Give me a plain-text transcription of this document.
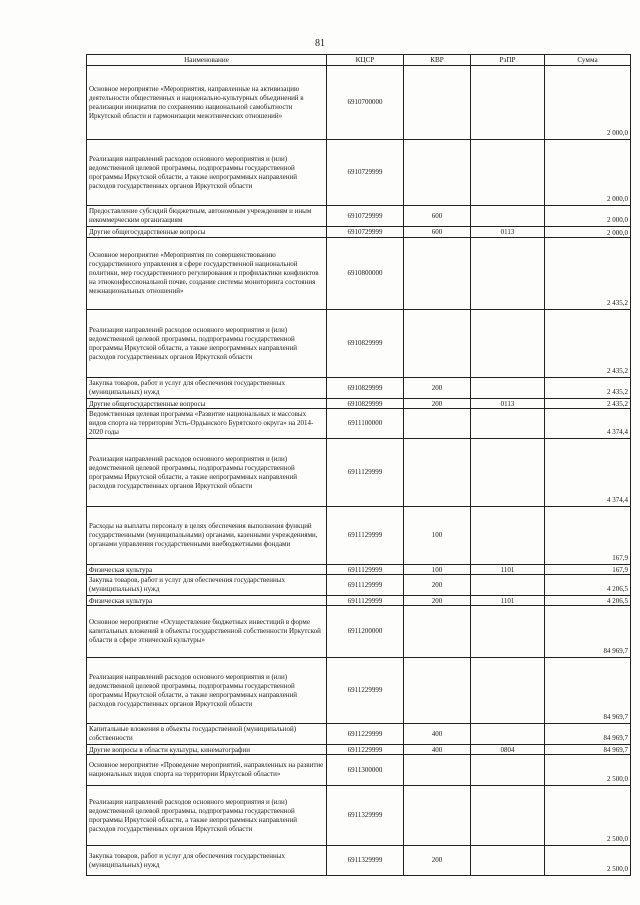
81
Наименование	КЦСР	КВР	РзПР	Сумма
Основное мероприятие «Мероприятия, направленные на активизацию деятельности общественных и национально-культурных объединений в реализации инициатив по сохранению национальной самобытности Иркутской области и гармонизации межэтнических отношений»	6910700000			2 000,0
Реализация направлений расходов основного мероприятия и (или) ведомственной целевой программы, подпрограммы государственной программы Иркутской области, а также непрограммных направлений расходов государственных органов Иркутской области	6910729999			2 000,0
Предоставление субсидий бюджетным, автономным учреждениям и иным некоммерческим организациям	6910729999	600		2 000,0
Другие общегосударственные вопросы	6910729999	600	0113	2 000,0
Основное мероприятие «Мероприятия по совершенствованию государственного управления в сфере государственной национальной политики, мер государственного регулирования и профилактики конфликтов на этноконфессиональной почве, создание системы мониторинга состояния межнациональных отношений»	6910800000			2 435,2
Реализация направлений расходов основного мероприятия и (или) ведомственной целевой программы, подпрограммы государственной программы Иркутской области, а также непрограммных направлений расходов государственных органов Иркутской области	6910829999			2 435,2
Закупка товаров, работ и услуг для обеспечения государственных (муниципальных) нужд	6910829999	200		2 435,2
Другие общегосударственные вопросы	6910829999	200	0113	2 435,2
Ведомственная целевая программа «Развитие национальных и массовых видов спорта на территории Усть-Ордынского Бурятского округа» на 2014-2020 годы	6911100000			4 374,4
Реализация направлений расходов основного мероприятия и (или) ведомственной целевой программы, подпрограммы государственной программы Иркутской области, а также непрограммных направлений расходов государственных органов Иркутской области	6911129999			4 374,4
Расходы на выплаты персоналу в целях обеспечения выполнения функций государственными (муниципальными) органами, казенными учреждениями, органами управления государственными внебюджетными фондами	6911129999	100		167,9
Физическая культура	6911129999	100	1101	167,9
Закупка товаров, работ и услуг для обеспечения государственных (муниципальных) нужд	6911129999	200		4 206,5
Физическая культура	6911129999	200	1101	4 206,5
Основное мероприятие «Осуществление бюджетных инвестиций в форме капитальных вложений в объекты государственной собственности Иркутской области в сфере этнической культуры»	6911200000			84 969,7
Реализация направлений расходов основного мероприятия и (или) ведомственной целевой программы, подпрограммы государственной программы Иркутской области, а также непрограммных направлений расходов государственных органов Иркутской области	6911229999			84 969,7
Капитальные вложения в объекты государственной (муниципальной) собственности	6911229999	400		84 969,7
Другие вопросы в области культуры, кинематографии	6911229999	400	0804	84 969,7
Основное мероприятие «Проведение мероприятий, направленных на развитие национальных видов спорта на территории Иркутской области»	6911300000			2 500,0
Реализация направлений расходов основного мероприятия и (или) ведомственной целевой программы, подпрограммы государственной программы Иркутской области, а также непрограммных направлений расходов государственных органов Иркутской области	6911329999			2 500,0
Закупка товаров, работ и услуг для обеспечения государственных (муниципальных) нужд	6911329999	200		2 500,0
